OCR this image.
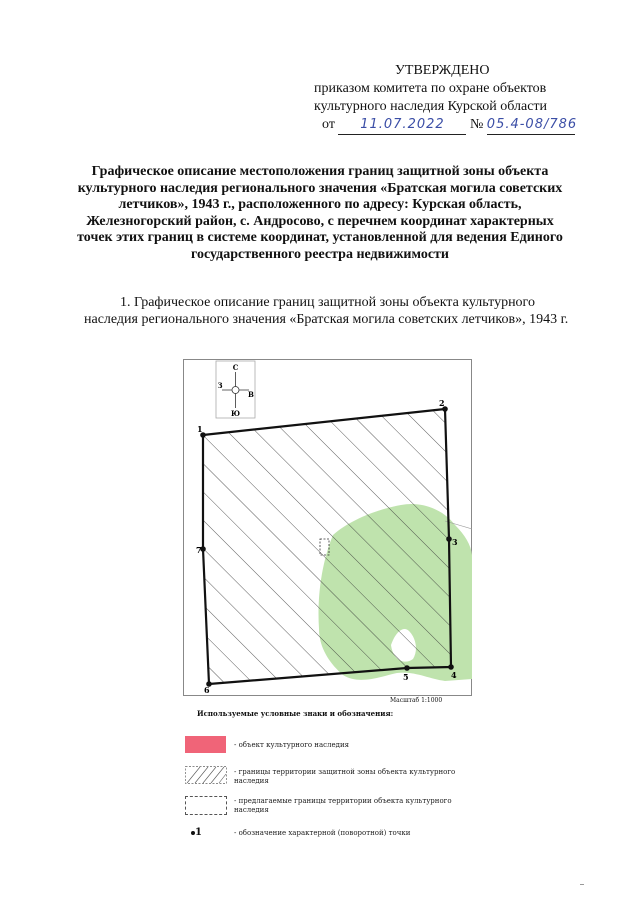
УТВЕРЖДЕНО
приказом комитета по охране объектов
культурного наследия Курской области
от 11.07.2022 № 05.4-08/786
Графическое описание местоположения границ защитной зоны объекта культурного наследия регионального значения «Братская могила советских летчиков», 1943 г., расположенного по адресу: Курская область, Железногорский район, с. Андросово, с перечнем координат характерных точек этих границ в системе координат, установленной для ведения Единого государственного реестра недвижимости
1. Графическое описание границ защитной зоны объекта культурного наследия регионального значения «Братская могила советских летчиков», 1943 г.
С
Ю
З
В
1
2
3
4
5
6
7
Масштаб 1:1000
Используемые условные знаки и обозначения:
- объект культурного наследия
- границы территории защитной зоны объекта культурного наследия
- предлагаемые границы территории объекта культурного наследия
1	- обозначение характерной (поворотной) точки
